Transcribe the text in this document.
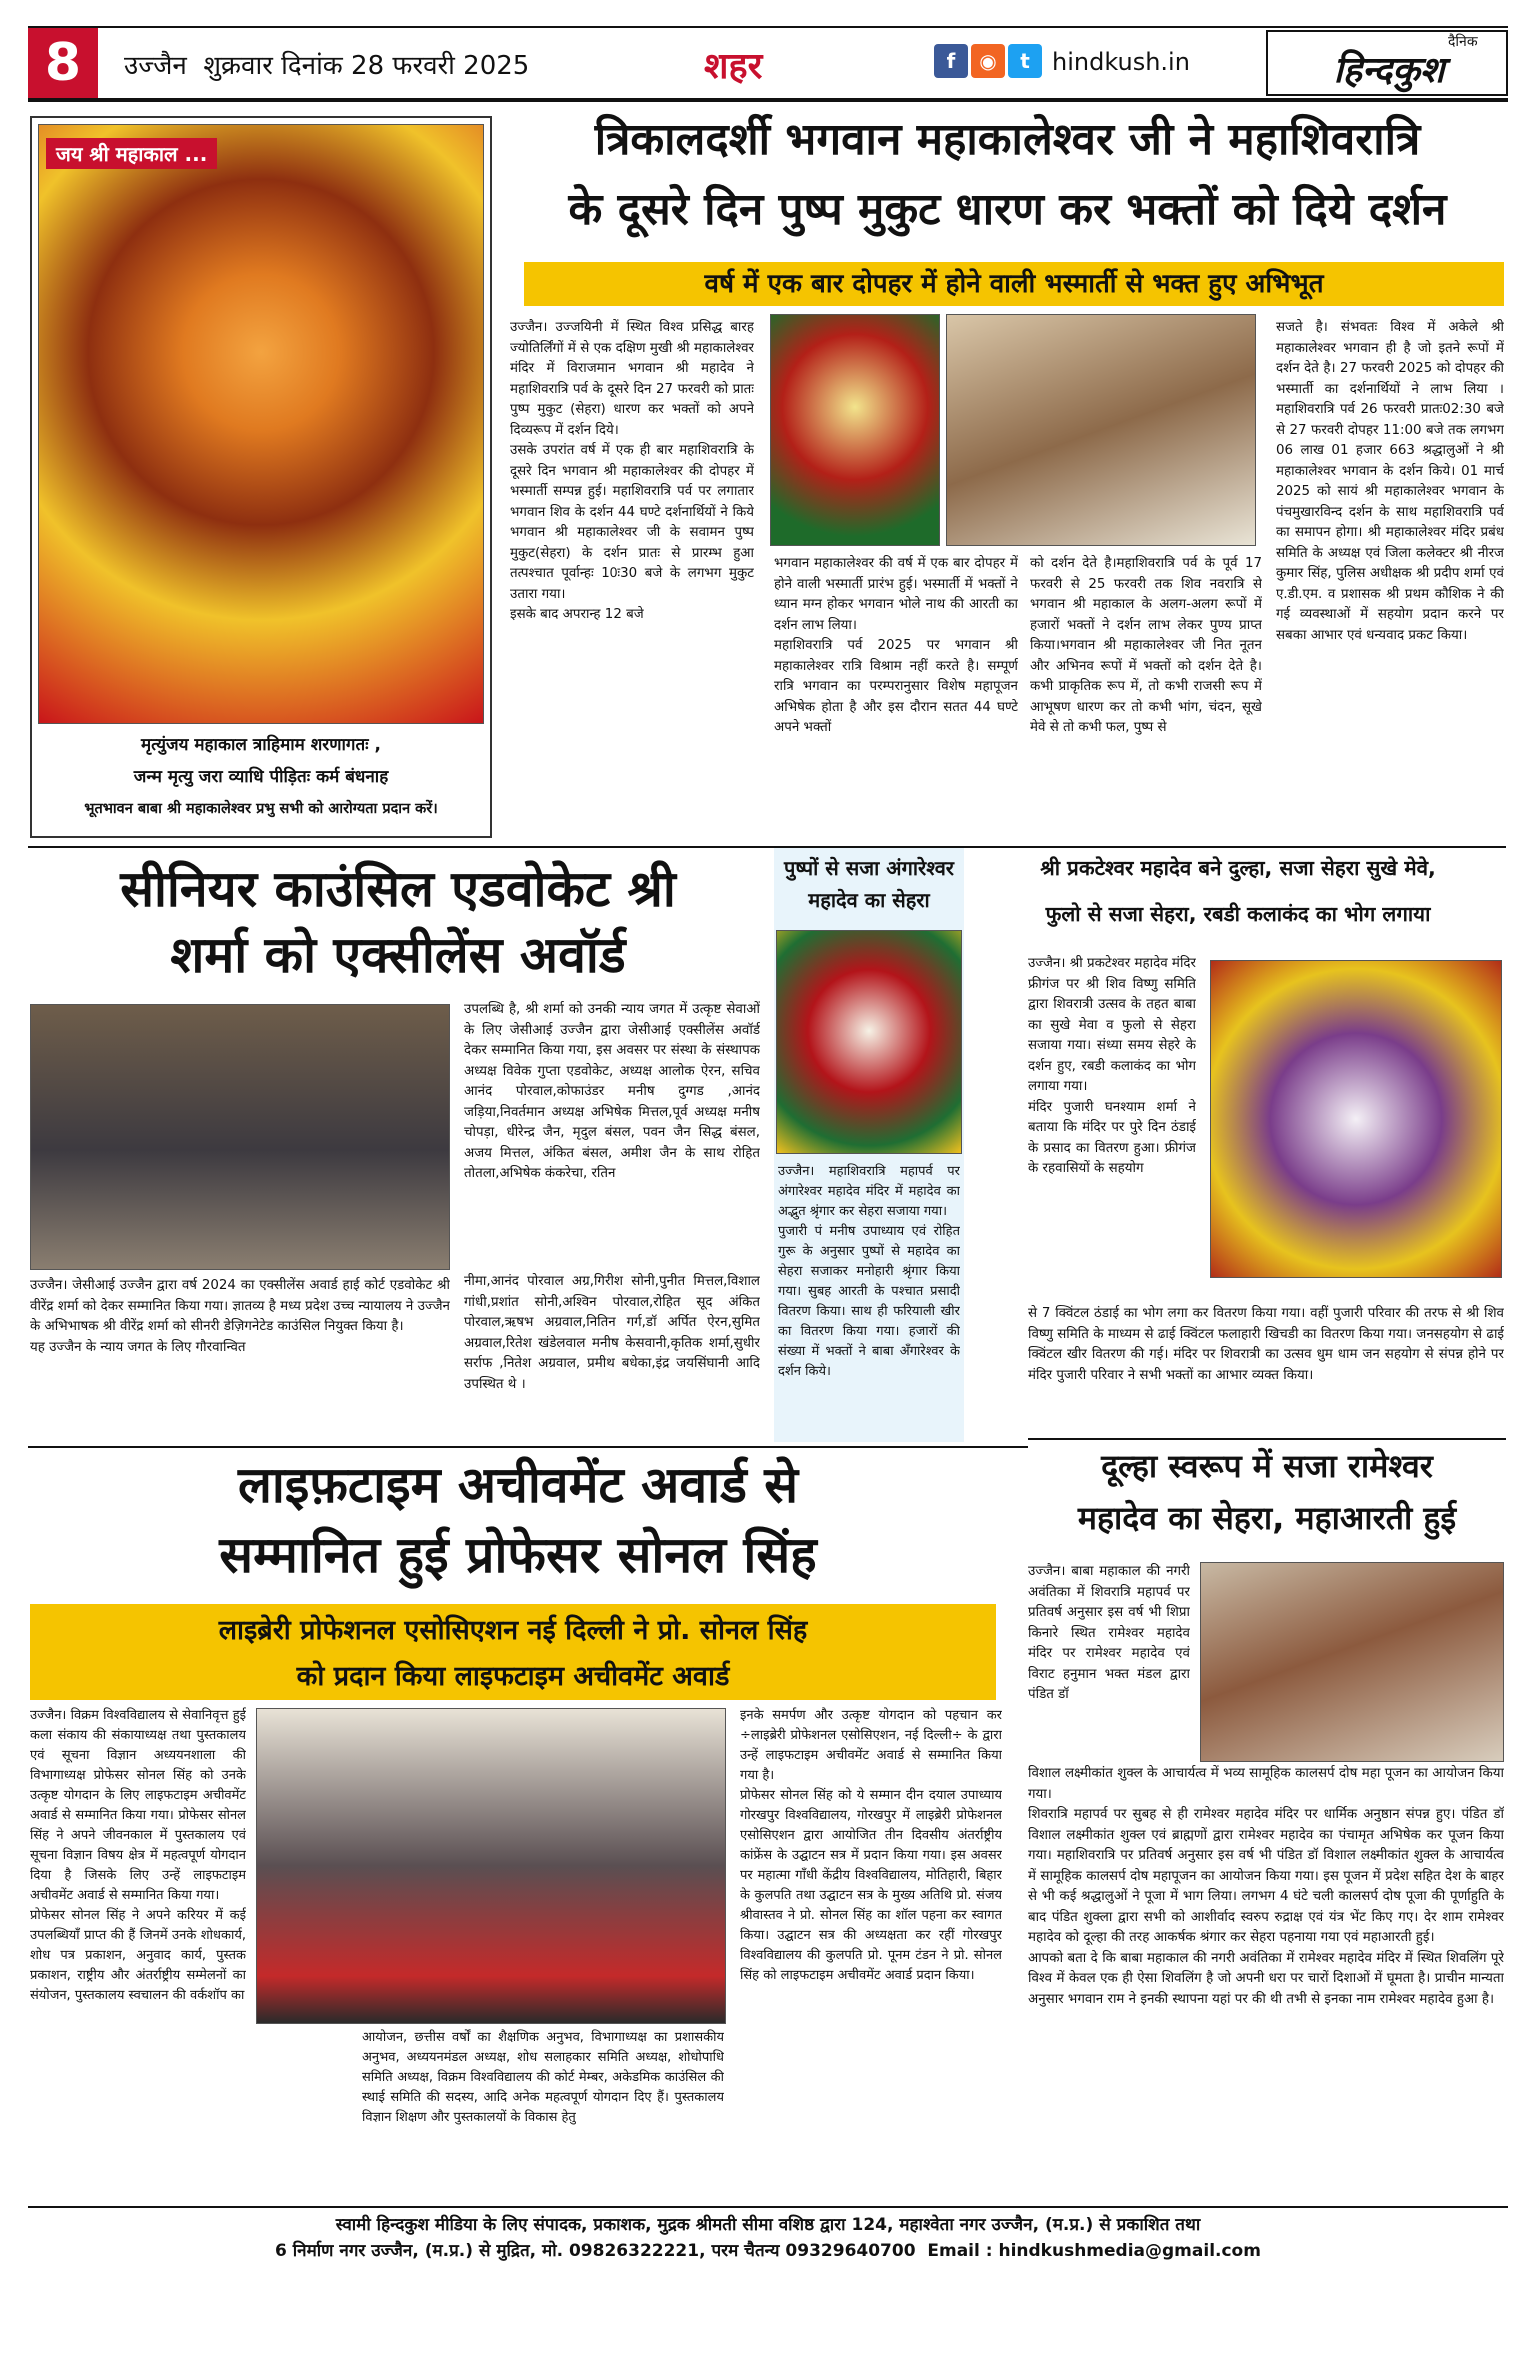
8	उज्जैन  शुक्रवार दिनांक 28 फरवरी 2025	शहर	f ◉ t hindkush.in
दैनिक
हिन्दकुश
जय श्री महाकाल ...
मृत्युंजय महाकाल त्राहिमाम शरणागतः ,
जन्म मृत्यु जरा व्याधि पीड़ितः कर्म बंधनाह
भूतभावन बाबा श्री महाकालेश्वर प्रभु सभी को आरोग्यता प्रदान करें।
त्रिकालदर्शी भगवान महाकालेश्वर जी ने महाशिवरात्रि
के दूसरे दिन पुष्प मुकुट धारण कर भक्तों को दिये दर्शन
वर्ष में एक बार दोपहर में होने वाली भस्मार्ती से भक्त हुए अभिभूत
उज्जैन। उज्जयिनी में स्थित विश्व प्रसिद्ध बारह ज्योतिर्लिंगों में से एक दक्षिण मुखी श्री महाकालेश्वर मंदिर में विराजमान भगवान श्री महादेव ने महाशिवरात्रि पर्व के दूसरे दिन 27 फरवरी को प्रातः पुष्प मुकुट (सेहरा) धारण कर भक्तों को अपने दिव्यरूप में दर्शन दिये।
उसके उपरांत वर्ष में एक ही बार महाशिवरात्रि के दूसरे दिन भगवान श्री महाकालेश्वर की दोपहर में भस्मार्ती सम्पन्न हुई। महाशिवरात्रि पर्व पर लगातार भगवान शिव के दर्शन 44 घण्टे दर्शनार्थियों ने किये भगवान श्री महाकालेश्वर जी के सवामन पुष्प मुकुट(सेहरा) के दर्शन प्रातः से प्रारम्भ हुआ तत्पश्चात पूर्वान्हः 10ः30 बजे के लगभग मुकुट उतारा गया।
इसके बाद अपरान्ह 12 बजे
भगवान महाकालेश्वर की वर्ष में एक बार दोपहर में होने वाली भस्मार्ती प्रारंभ हुई। भस्मार्ती में भक्तों ने ध्यान मग्न होकर भगवान भोले नाथ की आरती का दर्शन लाभ लिया।
महाशिवरात्रि पर्व 2025 पर भगवान श्री महाकालेश्वर रात्रि विश्राम नहीं करते है। सम्पूर्ण रात्रि भगवान का परम्परानुसार विशेष महापूजन अभिषेक होता है और इस दौरान सतत 44 घण्टे अपने भक्तों
को दर्शन देते है।महाशिवरात्रि पर्व के पूर्व 17 फरवरी से 25 फरवरी तक शिव नवरात्रि से भगवान श्री महाकाल के अलग-अलग रूपों में हजारों भक्तों ने दर्शन लाभ लेकर पुण्य प्राप्त किया।भगवान श्री महाकालेश्वर जी नित नूतन और अभिनव रूपों में भक्तों को दर्शन देते है। कभी प्राकृतिक रूप में, तो कभी राजसी रूप में आभूषण धारण कर तो कभी भांग, चंदन, सूखे मेवे से तो कभी फल, पुष्प से
सजते है। संभवतः विश्व में अकेले श्री महाकालेश्वर भगवान ही है जो इतने रूपों में दर्शन देते है। 27 फरवरी 2025 को दोपहर की भस्मार्ती का दर्शनार्थियों ने लाभ लिया ।महाशिवरात्रि पर्व 26 फरवरी प्रातः02:30 बजे से 27 फरवरी दोपहर 11:00 बजे तक लगभग 06 लाख 01 हजार 663 श्रद्धालुओं ने श्री महाकालेश्वर भगवान के दर्शन किये। 01 मार्च 2025 को सायं श्री महाकालेश्वर भगवान के पंचमुखारविन्द दर्शन के साथ महाशिवरात्रि पर्व का समापन होगा। श्री महाकालेश्वर मंदिर प्रबंध समिति के अध्यक्ष एवं जिला कलेक्टर श्री नीरज कुमार सिंह, पुलिस अधीक्षक श्री प्रदीप शर्मा एवं ए.डी.एम. व प्रशासक श्री प्रथम कौशिक ने की गई व्यवस्थाओं में सहयोग प्रदान करने पर सबका आभार एवं धन्यवाद प्रकट किया।
सीनियर काउंसिल एडवोकेट श्री
शर्मा को एक्सीलेंस अवॉर्ड
उज्जैन। जेसीआई उज्जैन द्वारा वर्ष 2024 का एक्सीलेंस अवार्ड हाई कोर्ट एडवोकेट श्री वीरेंद्र शर्मा को देकर सम्मानित किया गया। ज्ञातव्य है मध्य प्रदेश उच्च न्यायालय ने उज्जैन के अभिभाषक श्री वीरेंद्र शर्मा को सीनरी डेज़िगनेटेड काउंसिल नियुक्त किया है।
यह उज्जैन के न्याय जगत के लिए गौरवान्वित
उपलब्धि है, श्री शर्मा को उनकी न्याय जगत में उत्कृष्ट सेवाओं के लिए जेसीआई उज्जैन द्वारा जेसीआई एक्सीलेंस अवॉर्ड देकर सम्मानित किया गया, इस अवसर पर संस्था के संस्थापक अध्यक्ष विवेक गुप्ता एडवोकेट, अध्यक्ष आलोक ऐरन, सचिव आनंद पोरवाल,कोफाउंडर मनीष दुग्गड ,आनंद जड़िया,निवर्तमान अध्यक्ष अभिषेक मित्तल,पूर्व अध्यक्ष मनीष चोपड़ा, धीरेन्द्र जैन, मृदुल बंसल, पवन जैन सिद्ध बंसल, अजय मित्तल, अंकित बंसल, अमीश जैन के साथ रोहित तोतला,अभिषेक कंकरेचा, रतिन
नीमा,आनंद पोरवाल अग्र,गिरीश सोनी,पुनीत मित्तल,विशाल गांधी,प्रशांत सोनी,अश्विन पोरवाल,रोहित सूद अंकित पोरवाल,ऋषभ अग्रवाल,नितिन गर्ग,डॉ अर्पित ऐरन,सुमित अग्रवाल,रितेश खंडेलवाल मनीष केसवानी,कृतिक शर्मा,सुधीर सर्राफ ,नितेश अग्रवाल, प्रमीथ बधेका,इंद्र जयसिंघानी आदि उपस्थित थे ।
पुष्पों से सजा अंगारेश्वर
महादेव का सेहरा
उज्जैन। महाशिवरात्रि महापर्व पर अंगारेश्वर महादेव मंदिर में महादेव का अद्भुत श्रृंगार कर सेहरा सजाया गया।
पुजारी पं मनीष उपाध्याय एवं रोहित गुरू के अनुसार पुष्पों से महादेव का सेहरा सजाकर मनोहारी श्रृंगार किया गया। सुबह आरती के पश्चात प्रसादी वितरण किया। साथ ही फरियाली खीर का वितरण किया गया। हजारों की संख्या में भक्तों ने बाबा अँगारेश्वर के दर्शन किये।
श्री प्रकटेश्वर महादेव बने दुल्हा, सजा सेहरा सुखे मेवे,
फुलो से सजा सेहरा, रबडी कलाकंद का भोग लगाया
उज्जैन। श्री प्रकटेश्वर महादेव मंदिर फ्रीगंज पर श्री शिव विष्णु समिति द्वारा शिवरात्री उत्सव के तहत बाबा का सुखे मेवा व फुलो से सेहरा सजाया गया। संध्या समय सेहरे के दर्शन हुए, रबडी कलाकंद का भोग लगाया गया।
मंदिर पुजारी घनश्याम शर्मा ने बताया कि मंदिर पर पुरे दिन ठंडाई के प्रसाद का वितरण हुआ। फ्रीगंज के रहवासियों के सहयोग
से 7 क्विंटल ठंडाई का भोग लगा कर वितरण किया गया। वहीं पुजारी परिवार की तरफ से श्री शिव विष्णु समिति के माध्यम से ढाई क्विंटल फलाहारी खिचडी का वितरण किया गया। जनसहयोग से ढाई क्विंटल खीर वितरण की गई। मंदिर पर शिवरात्री का उत्सव धुम धाम जन सहयोग से संपन्न होने पर मंदिर पुजारी परिवार ने सभी भक्तों का आभार व्यक्त किया।
लाइफ़टाइम अचीवमेंट अवार्ड से
सम्मानित हुई प्रोफेसर सोनल सिंह
लाइब्रेरी प्रोफेशनल एसोसिएशन नई दिल्ली ने प्रो. सोनल सिंह
को प्रदान किया लाइफटाइम अचीवमेंट अवार्ड
उज्जैन। विक्रम विश्वविद्यालय से सेवानिवृत्त हुई कला संकाय की संकायाध्यक्ष तथा पुस्तकालय एवं सूचना विज्ञान अध्ययनशाला की विभागाध्यक्ष प्रोफेसर सोनल सिंह को उनके उत्कृष्ट योगदान के लिए लाइफटाइम अचीवमेंट अवार्ड से सम्मानित किया गया। प्रोफेसर सोनल सिंह ने अपने जीवनकाल में पुस्तकालय एवं सूचना विज्ञान विषय क्षेत्र में महत्वपूर्ण योगदान दिया है जिसके लिए उन्हें लाइफटाइम अचीवमेंट अवार्ड से सम्मानित किया गया।
प्रोफेसर सोनल सिंह ने अपने करियर में कई उपलब्धियाँ प्राप्त की हैं जिनमें उनके शोधकार्य, शोध पत्र प्रकाशन, अनुवाद कार्य, पुस्तक प्रकाशन, राष्ट्रीय और अंतर्राष्ट्रीय सम्मेलनों का संयोजन, पुस्तकालय स्वचालन की वर्कशॉप का
आयोजन, छत्तीस वर्षों का शैक्षणिक अनुभव, विभागाध्यक्ष का प्रशासकीय अनुभव, अध्ययनमंडल अध्यक्ष, शोध सलाहकार समिति अध्यक्ष, शोधोपाधि समिति अध्यक्ष, विक्रम विश्वविद्यालय की कोर्ट मेम्बर, अकेडमिक काउंसिल की स्थाई समिति की सदस्य, आदि अनेक महत्वपूर्ण योगदान दिए हैं। पुस्तकालय विज्ञान शिक्षण और पुस्तकालयों के विकास हेतु
इनके समर्पण और उत्कृष्ट योगदान को पहचान कर ÷लाइब्रेरी प्रोफेशनल एसोसिएशन, नई दिल्ली÷ के द्वारा उन्हें लाइफटाइम अचीवमेंट अवार्ड से सम्मानित किया गया है।
प्रोफेसर सोनल सिंह को ये सम्मान दीन दयाल उपाध्याय गोरखपुर विश्वविद्यालय, गोरखपुर में लाइब्रेरी प्रोफेशनल एसोसिएशन द्वारा आयोजित तीन दिवसीय अंतर्राष्ट्रीय कांफ्रेंस के उद्घाटन सत्र में प्रदान किया गया। इस अवसर पर महात्मा गाँधी केंद्रीय विश्वविद्यालय, मोतिहारी, बिहार के कुलपति तथा उद्घाटन सत्र के मुख्य अतिथि प्रो. संजय श्रीवास्तव ने प्रो. सोनल सिंह का शॉल पहना कर स्वागत किया। उद्घाटन सत्र की अध्यक्षता कर रहीं गोरखपुर विश्वविद्यालय की कुलपति प्रो. पूनम टंडन ने प्रो. सोनल सिंह को लाइफटाइम अचीवमेंट अवार्ड प्रदान किया।
दूल्हा स्वरूप में सजा रामेश्वर
महादेव का सेहरा, महाआरती हुई
उज्जैन। बाबा महाकाल की नगरी अवंतिका में शिवरात्रि महापर्व पर प्रतिवर्ष अनुसार इस वर्ष भी शिप्रा किनारे स्थित रामेश्वर महादेव मंदिर पर रामेश्वर महादेव एवं विराट हनुमान भक्त मंडल द्वारा पंडित डॉ
विशाल लक्ष्मीकांत शुक्ल के आचार्यत्व में भव्य सामूहिक कालसर्प दोष महा पूजन का आयोजन किया गया।
शिवरात्रि महापर्व पर सुबह से ही रामेश्वर महादेव मंदिर पर धार्मिक अनुष्ठान संपन्न हुए। पंडित डॉ विशाल लक्ष्मीकांत शुक्ल एवं ब्राह्मणों द्वारा रामेश्वर महादेव का पंचामृत अभिषेक कर पूजन किया गया। महाशिवरात्रि पर प्रतिवर्ष अनुसार इस वर्ष भी पंडित डॉ विशाल लक्ष्मीकांत शुक्ल के आचार्यत्व में सामूहिक कालसर्प दोष महापूजन का आयोजन किया गया। इस पूजन में प्रदेश सहित देश के बाहर से भी कई श्रद्धालुओं ने पूजा में भाग लिया। लगभग 4 घंटे चली कालसर्प दोष पूजा की पूर्णाहुति के बाद पंडित शुक्ला द्वारा सभी को आशीर्वाद स्वरुप रुद्राक्ष एवं यंत्र भेंट किए गए। देर शाम रामेश्वर महादेव को दूल्हा की तरह आकर्षक श्रंगार कर सेहरा पहनाया गया एवं महाआरती हुई।
आपको बता दे कि बाबा महाकाल की नगरी अवंतिका में रामेश्वर महादेव मंदिर में स्थित शिवलिंग पूरे विश्व में केवल एक ही ऐसा शिवलिंग है जो अपनी धरा पर चारों दिशाओं में घूमता है। प्राचीन मान्यता अनुसार भगवान राम ने इनकी स्थापना यहां पर की थी तभी से इनका नाम रामेश्वर महादेव हुआ है।
स्वामी हिन्दकुश मीडिया के लिए संपादक, प्रकाशक, मुद्रक श्रीमती सीमा वशिष्ठ द्वारा 124, महाश्वेता नगर उज्जैन, (म.प्र.) से प्रकाशित तथा
6 निर्माण नगर उज्जैन, (म.प्र.) से मुद्रित, मो. 09826322221, परम चैतन्य 09329640700  Email : hindkushmedia@gmail.com
